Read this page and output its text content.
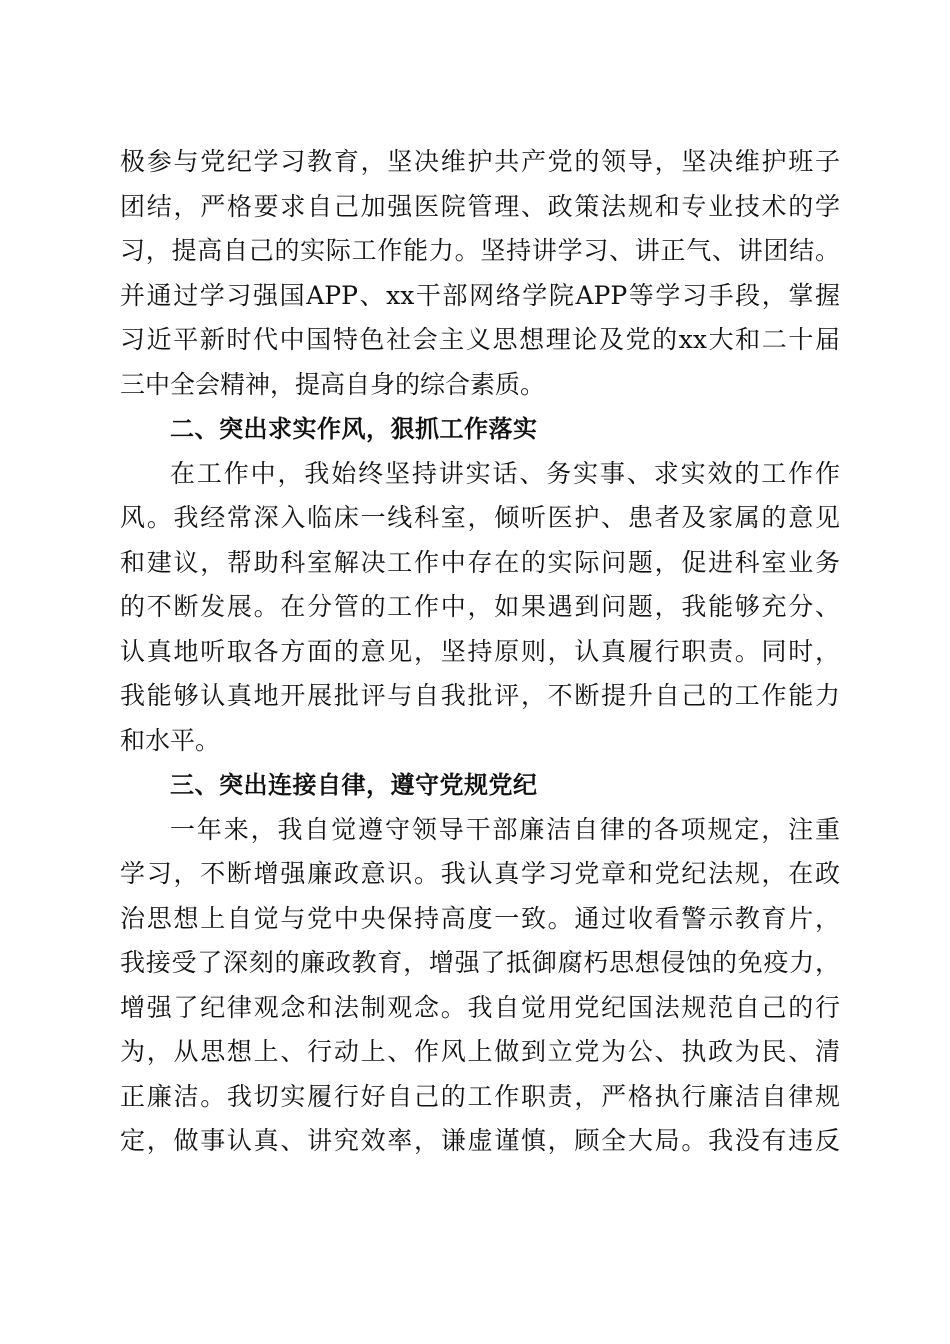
极参与党纪学习教育，坚决维护共产党的领导，坚决维护班子
团结，严格要求自己加强医院管理、政策法规和专业技术的学
习，提高自己的实际工作能力。坚持讲学习、讲正气、讲团结。
并通过学习强国APP、xx干部网络学院APP等学习手段，掌握
习近平新时代中国特色社会主义思想理论及党的xx大和二十届
三中全会精神，提高自身的综合素质。
二、突出求实作风，狠抓工作落实
在工作中，我始终坚持讲实话、务实事、求实效的工作作
风。我经常深入临床一线科室，倾听医护、患者及家属的意见
和建议，帮助科室解决工作中存在的实际问题，促进科室业务
的不断发展。在分管的工作中，如果遇到问题，我能够充分、
认真地听取各方面的意见，坚持原则，认真履行职责。同时，
我能够认真地开展批评与自我批评，不断提升自己的工作能力
和水平。
三、突出连接自律，遵守党规党纪
一年来，我自觉遵守领导干部廉洁自律的各项规定，注重
学习，不断增强廉政意识。我认真学习党章和党纪法规，在政
治思想上自觉与党中央保持高度一致。通过收看警示教育片，
我接受了深刻的廉政教育，增强了抵御腐朽思想侵蚀的免疫力，
增强了纪律观念和法制观念。我自觉用党纪国法规范自己的行
为，从思想上、行动上、作风上做到立党为公、执政为民、清
正廉洁。我切实履行好自己的工作职责，严格执行廉洁自律规
定，做事认真、讲究效率，谦虚谨慎，顾全大局。我没有违反
